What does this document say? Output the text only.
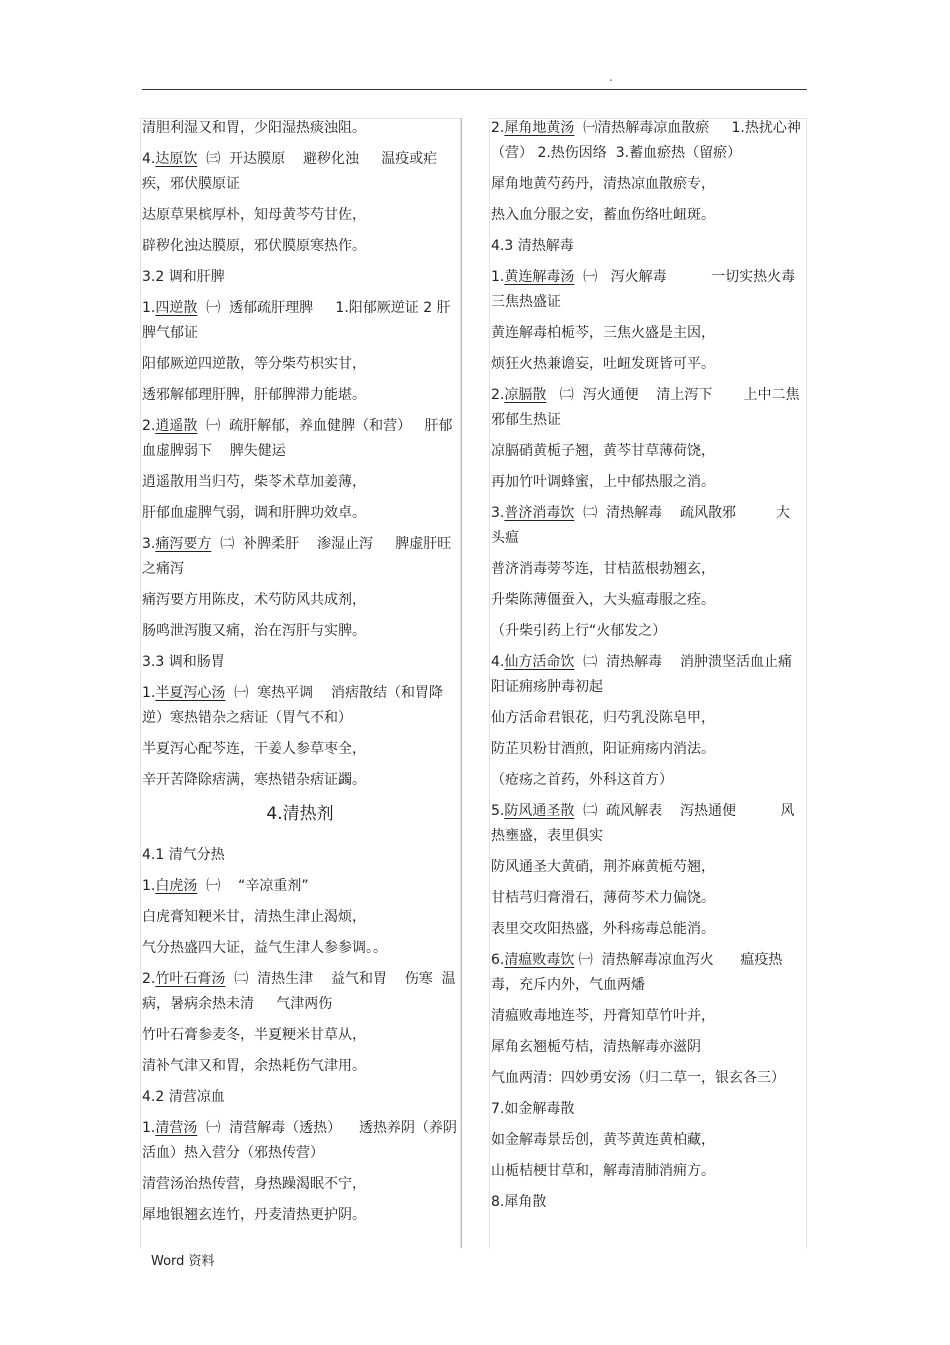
.
清胆利湿又和胃，少阳湿热痰浊阻。
4.达原饮  ㈢  开达膜原    避秽化浊     温疫或疟疾，邪伏膜原证
达原草果槟厚朴，知母黄芩芍甘佐，
辟秽化浊达膜原，邪伏膜原寒热作。
3.2 调和肝脾
1.四逆散  ㈠  透郁疏肝理脾     1.阳郁厥逆证 2 肝脾气郁证
阳郁厥逆四逆散，等分柴芍枳实甘，
透邪解郁理肝脾，肝郁脾滞力能堪。
2.逍遥散  ㈠  疏肝解郁，养血健脾（和营）   肝郁血虚脾弱下    脾失健运
逍遥散用当归芍，柴苓术草加姜薄，
肝郁血虚脾气弱，调和肝脾功效卓。
3.痛泻要方  ㈡  补脾柔肝    渗湿止泻     脾虚肝旺之痛泻
痛泻要方用陈皮，术芍防风共成剂，
肠鸣泄泻腹又痛，治在泻肝与实脾。
3.3 调和肠胃
1.半夏泻心汤  ㈠  寒热平调    消痞散结（和胃降逆）寒热错杂之痞证（胃气不和）
半夏泻心配芩连，干姜人参草枣全，
辛开苦降除痞满，寒热错杂痞证蠲。
4.清热剂
4.1 清气分热
1.白虎汤  ㈠    “辛凉重剂”
白虎膏知粳米甘，清热生津止渴烦，
气分热盛四大证，益气生津人参参调。。
2.竹叶石膏汤  ㈡  清热生津    益气和胃    伤寒  温病，暑病余热未清     气津两伤
竹叶石膏参麦冬，半夏粳米甘草从，
清补气津又和胃，余热耗伤气津用。
4.2 清营凉血
1.清营汤  ㈠  清营解毒（透热）    透热养阴（养阴活血）热入营分（邪热传营）
清营汤治热传营，身热躁渴眠不宁，
犀地银翘玄连竹，丹麦清热更护阴。
2.犀角地黄汤  ㈠清热解毒凉血散瘀     1.热扰心神（营） 2.热伤因络  3.蓄血瘀热（留瘀）
犀角地黄芍药丹，清热凉血散瘀专，
热入血分服之安，蓄血伤络吐衄斑。
4.3 清热解毒
1.黄连解毒汤  ㈠   泻火解毒          一切实热火毒  三焦热盛证
黄连解毒柏栀芩，三焦火盛是主因，
烦狂火热兼谵妄，吐衄发斑皆可平。
2.凉膈散   ㈡  泻火通便    清上泻下       上中二焦邪郁生热证
凉膈硝黄栀子翘，黄芩甘草薄荷饶，
再加竹叶调蜂蜜，上中郁热服之消。
3.普济消毒饮  ㈡  清热解毒    疏风散邪         大头瘟
普济消毒蒡芩连，甘桔蓝根勃翘玄，
升柴陈薄僵蚕入，大头瘟毒服之痊。
（升柴引药上行“火郁发之）
4.仙方活命饮  ㈡  清热解毒    消肿溃坚活血止痛    阳证痈疡肿毒初起
仙方活命君银花，归芍乳没陈皂甲，
防芷贝粉甘酒煎，阳证痈疡内消法。
（疮疡之首药，外科这首方）
5.防风通圣散  ㈡  疏风解表    泻热通便          风热壅盛，表里俱实
防风通圣大黄硝，荆芥麻黄栀芍翘，
甘桔芎归膏滑石，薄荷芩术力偏饶。
表里交攻阳热盛，外科疡毒总能消。
6.清瘟败毒饮 ㈠  清热解毒凉血泻火      瘟疫热毒，充斥内外，气血两燔
清瘟败毒地连芩，丹膏知草竹叶并，
犀角玄翘栀芍桔，清热解毒亦滋阴
气血两清：四妙勇安汤（归二草一，银玄各三）
7.如金解毒散
如金解毒景岳创，黄芩黄连黄柏藏，
山栀桔梗甘草和，解毒清肺消痈方。
8.犀角散
Word 资料
